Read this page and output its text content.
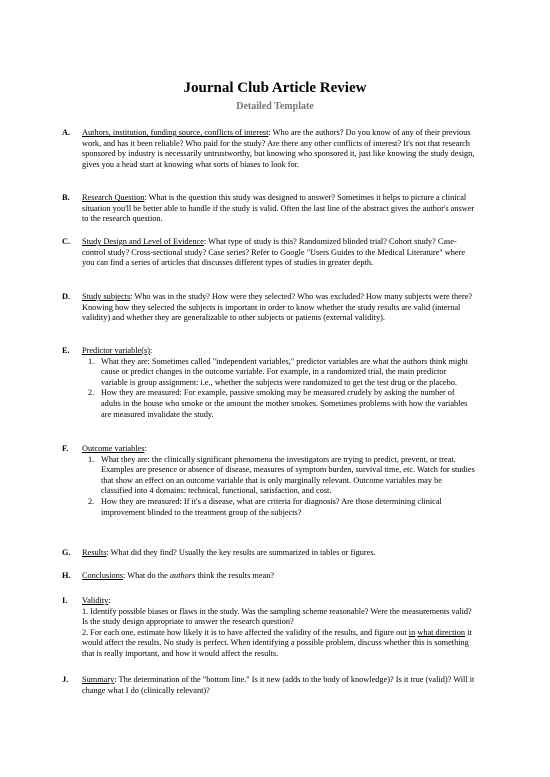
Journal Club Article Review
Detailed Template
A. Authors, institution, funding source, conflicts of interest: Who are the authors? Do you know of any of their previous work, and has it been reliable? Who paid for the study? Are there any other conflicts of interest? It's not that research sponsored by industry is necessarily untrustworthy, but knowing who sponsored it, just like knowing the study design, gives you a head start at knowing what sorts of biases to look for.
B. Research Question: What is the question this study was designed to answer? Sometimes it helps to picture a clinical situation you'll be better able to handle if the study is valid. Often the last line of the abstract gives the author's answer to the research question.
C. Study Design and Level of Evidence: What type of study is this? Randomized blinded trial? Cohort study? Case-control study? Cross-sectional study? Case series? Refer to Google "Users Guides to the Medical Literature" where you can find a series of articles that discusses different types of studies in greater depth.
D. Study subjects: Who was in the study? How were they selected? Who was excluded? How many subjects were there? Knowing how they selected the subjects is important in order to know whether the study results are valid (internal validity) and whether they are generalizable to other subjects or patients (external validity).
E. Predictor variable(s):
1. What they are: Sometimes called "independent variables," predictor variables are what the authors think might cause or predict changes in the outcome variable. For example, in a randomized trial, the main predictor variable is group assignment: i.e., whether the subjects were randomized to get the test drug or the placebo.
2. How they are measured: For example, passive smoking may be measured crudely by asking the number of adults in the house who smoke or the amount the mother smokes. Sometimes problems with how the variables are measured invalidate the study.
F. Outcome variables:
1. What they are: the clinically significant phenomena the investigators are trying to predict, prevent, or treat. Examples are presence or absence of disease, measures of symptom burden, survival time, etc. Watch for studies that show an effect on an outcome variable that is only marginally relevant. Outcome variables may be classified into 4 domains: technical, functional, satisfaction, and cost.
2. How they are measured: If it's a disease, what are criteria for diagnosis? Are those determining clinical improvement blinded to the treatment group of the subjects?
G. Results: What did they find? Usually the key results are summarized in tables or figures.
H. Conclusions: What do the authors think the results mean?
I. Validity:
1. Identify possible biases or flaws in the study. Was the sampling scheme reasonable? Were the measurements valid? Is the study design appropriate to answer the research question?
2. For each one, estimate how likely it is to have affected the validity of the results, and figure out in what direction it would affect the results. No study is perfect. When identifying a possible problem, discuss whether this is something that is really important, and how it would affect the results.
J. Summary: The determination of the "bottom line." Is it new (adds to the body of knowledge)? Is it true (valid)? Will it change what I do (clinically relevant)?
